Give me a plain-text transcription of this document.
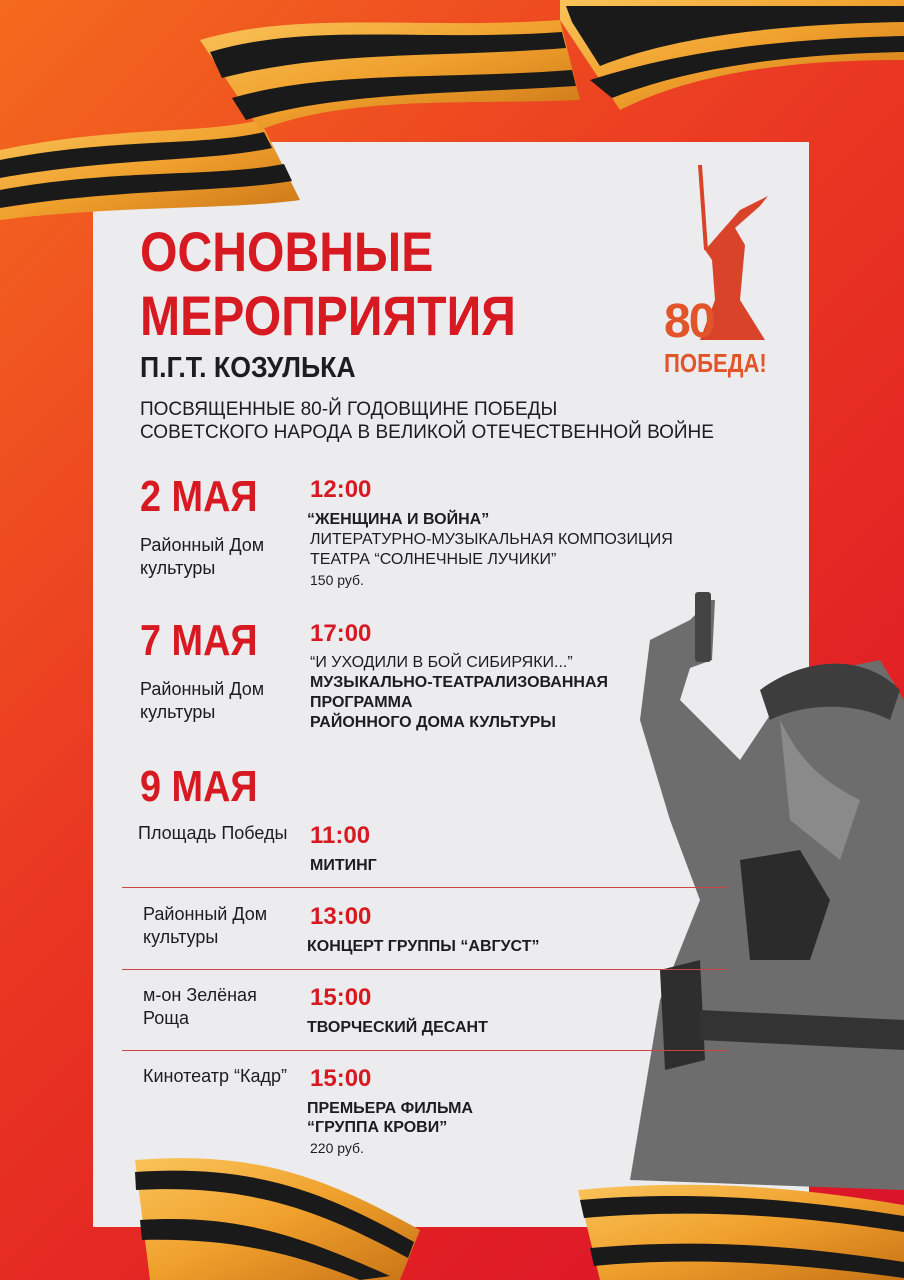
80
ПОБЕДА!
ОСНОВНЫЕ
МЕРОПРИЯТИЯ
П.Г.Т. КОЗУЛЬКА
ПОСВЯЩЕННЫЕ 80-Й ГОДОВЩИНЕ ПОБЕДЫ
СОВЕТСКОГО НАРОДА В ВЕЛИКОЙ ОТЕЧЕСТВЕННОЙ ВОЙНЕ
2 МАЯ
Районный Дом культуры
12:00
“ЖЕНЩИНА И ВОЙНА”
ЛИТЕРАТУРНО-МУЗЫКАЛЬНАЯ КОМПОЗИЦИЯ
ТЕАТРА “СОЛНЕЧНЫЕ ЛУЧИКИ”
150 руб.
7 МАЯ
Районный Дом культуры
17:00
“И УХОДИЛИ В БОЙ СИБИРЯКИ...”
МУЗЫКАЛЬНО-ТЕАТРАЛИЗОВАННАЯ
ПРОГРАММА
РАЙОННОГО ДОМА КУЛЬТУРЫ
9 МАЯ
Площадь Победы 11:00
МИТИНГ
Районный Дом культуры
13:00
КОНЦЕРТ ГРУППЫ “АВГУСТ”
м-он Зелёная Роща
15:00
ТВОРЧЕСКИЙ ДЕСАНТ
Кинотеатр “Кадр” 15:00
ПРЕМЬЕРА ФИЛЬМА
“ГРУППА КРОВИ”
220 руб.
